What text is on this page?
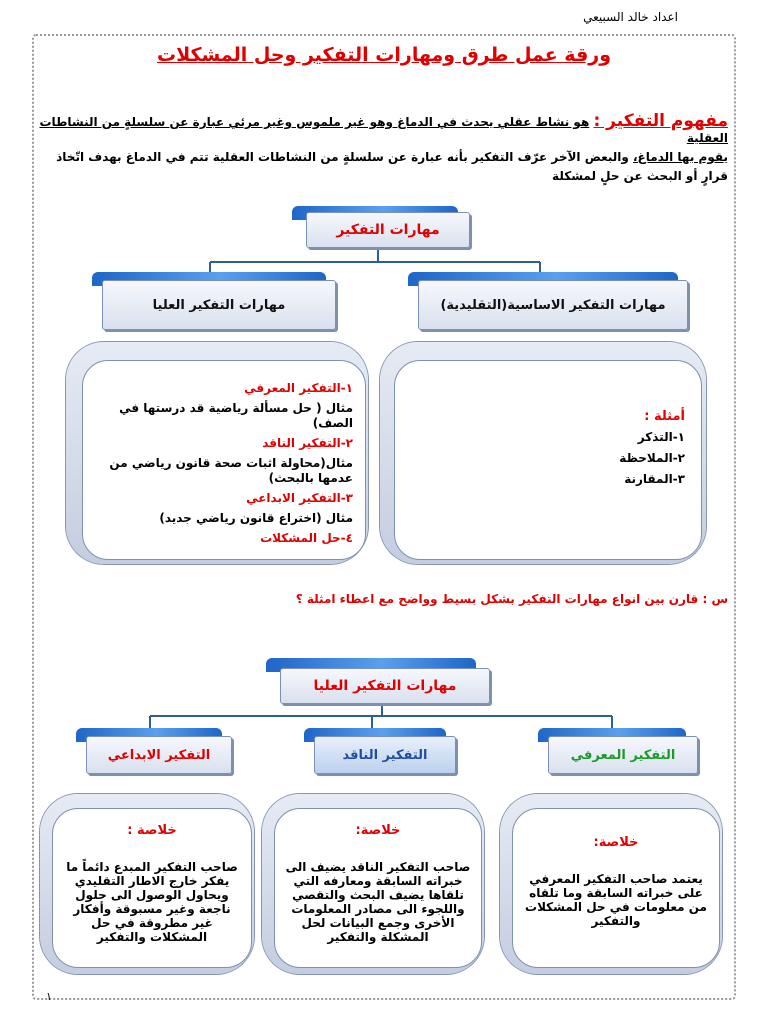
اعداد خالد السبيعي
١
ورقة عمل طرق ومهارات التفكير وحل المشكلات
مفهوم التفكير : هو نشاط عقلي يحدث في الدماغ وهو غير ملموس وغير مرئي عبارة عن سلسلةٍ من النشاطات العقلية
يقوم بها الدماغ، والبعض الآخر عرّف التفكير بأنه عبارة عن سلسلةٍ من النشاطات العقلية تتم في الدماغ بهدف اتّخاذ قرارٍ أو البحث عن حلٍ لمشكلة
مهارات التفكير
مهارات التفكير العليا	مهارات التفكير الاساسية(التقليدية)
١-التفكير المعرفي
مثال ( حل مسألة رياضية قد درستها في الصف)
٢-التفكير الناقد
مثال(محاولة اثبات صحة قانون رياضي من عدمها بالبحث)
٣-التفكير الابداعي
مثال (اختراع قانون رياضي جديد)
٤-حل المشكلات
أمثلة :
١-التذكر
٢-الملاحظة
٣-المقارنة
س : قارن بين انواع مهارات التفكير بشكل بسيط وواضح مع اعطاء امثلة ؟
مهارات التفكير العليا
التفكير المعرفي
التفكير الناقد
التفكير الابداعي
خلاصة:
يعتمد صاحب التفكير المعرفي على خبراته السابقة وما تلقاه من معلومات في حل المشكلات والتفكير
خلاصة:
صاحب التفكير الناقد يضيف الى خبراته السابقة ومعارفه التي تلقاها يضيف البحث والتقصي واللجوء الى مصادر المعلومات الأخرى وجمع البيانات لحل المشكلة والتفكير
خلاصة :
صاحب التفكير المبدع دائماً ما يفكر خارج الاطار التقليدي ويحاول الوصول الى حلول ناجعة وغير مسبوقة وأفكار غير مطروقة في حل المشكلات والتفكير
